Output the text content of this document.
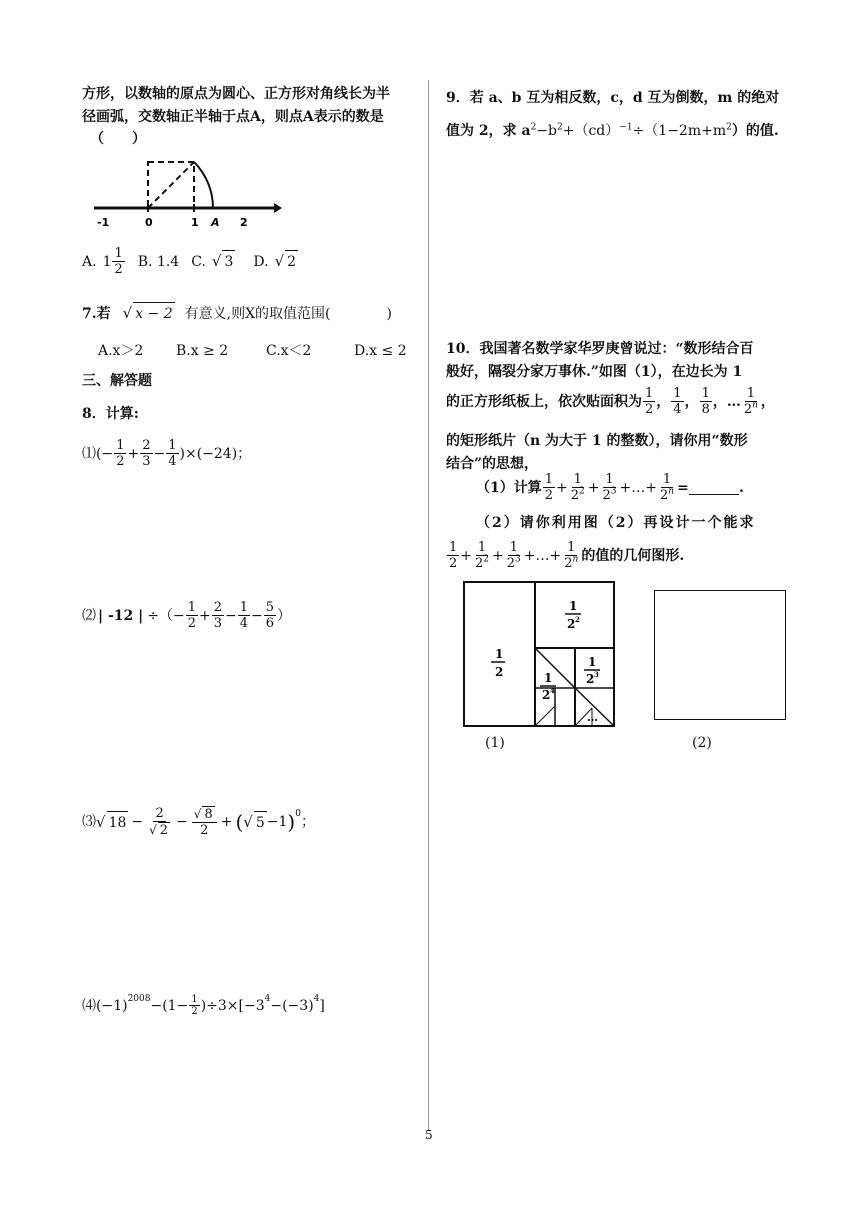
方形，以数轴的原点为圆心、正方形对角线长为半
径画弧，交数轴正半轴于点A，则点A表示的数是
（　　）
-1	0	1 A 2
A. $1 \frac{1}{2} B$. 1.4 C. √ 3 D. √ 2
7.若 √ x − 2 有意义,则X的取值范围(　　　　)
A.x＞2 B.x ≥ 2	C.x＜2	D.x ≤ 2
三、解答题
8．计算:
⑴ (− $\frac{1}{2} + \frac{2}{3} - \frac{1}{4} )\times(-24)$；
⑵ | -12 | ÷（− $\frac{1}{2} + \frac{2}{3} - \frac{1}{4} - \frac{5}{6}$ ）
⑶ √ $18 - \frac{2}{√ 2} - \frac{√ 8}{2}$ + ( √ 5 −1 )$^0$ ；
⑷ $(-1)^{2008} -(1- \frac{1}{2} )\div 3\times[-3^4 -(-3)^4$ ]
9．若 a、b 互为相反数，c，d 互为倒数，m 的绝对
值为 2，求 $a^2-b^2+(cd)^{-1}\div(1-2m+m^2)$的值.
10．我国著名数学家华罗庚曾说过：“数形结合百
般好，隔裂分家万事休.”如图（1），在边长为 1
的正方形纸板上，依次贴面积为 $\frac{1}{2}$ ， $\frac{1}{4}$ ， $\frac{1}{8}$ ，… $\frac{1}{2^n}$ ，
的矩形纸片（n 为大于 1 的整数），请你用“数形
结合”的思想，
（1）计算 $\frac{1}{2} + \frac{1}{2^2} + \frac{1}{2^3}$ +…+ $\frac{1}{2^n}$ =	.
（2）请你利用图（2）再设计一个能求
$\frac{1}{2} + \frac{1}{2^2} + \frac{1}{2^3}$ +…+ $\frac{1}{2^n}$ 的值的几何图形.
1
2
1
2 2
1
2 3
1
2 4
…
(1)	(2)
5
